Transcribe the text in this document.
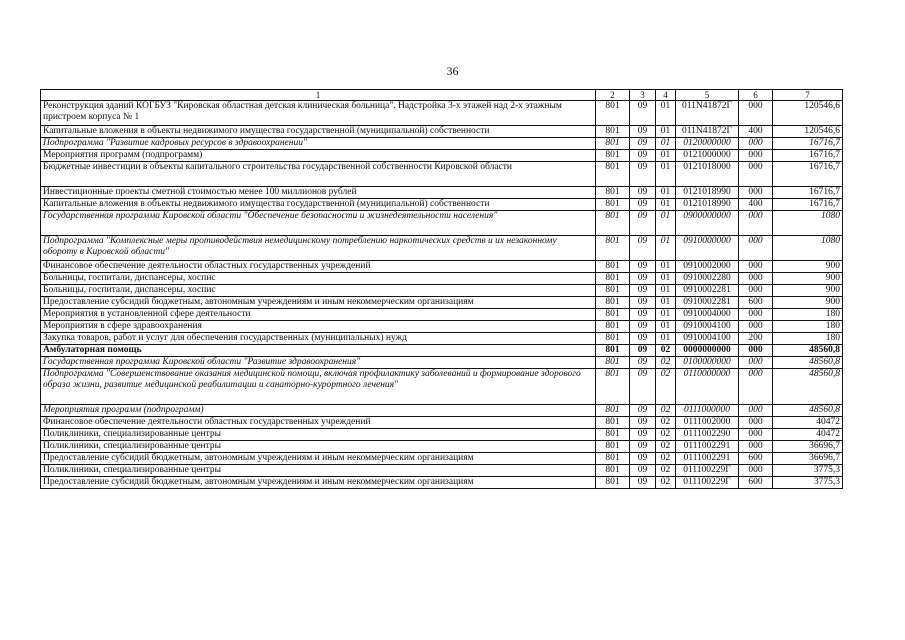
36
1	2	3	4	5	6	7
Реконструкция зданий КОГБУЗ "Кировская областная детская клиническая больница". Надстройка 3-х этажей над 2-х этажным пристроем корпуса № 1	801	09	01	011N41872Г	000	120546,6
Капитальные вложения в объекты недвижимого имущества государственной (муниципальной) собственности	801	09	01	011N41872Г	400	120546,6
Подпрограмма "Развитие кадровых ресурсов в здравоохранении"	801	09	01	0120000000	000	16716,7
Мероприятия программ (подпрограмм)	801	09	01	0121000000	000	16716,7
Бюджетные инвестиции в объекты капитального строительства государственной собственности Кировской области	801	09	01	0121018000	000	16716,7
Инвестиционные проекты сметной стоимостью менее 100 миллионов рублей	801	09	01	0121018990	000	16716,7
Капитальные вложения в объекты недвижимого имущества государственной (муниципальной) собственности	801	09	01	0121018990	400	16716,7
Государственная программа Кировской области "Обеспечение безопасности и жизнедеятельности населения"	801	09	01	0900000000	000	1080
Подпрограмма "Комплексные меры противодействия немедицинскому потреблению наркотических средств и их незаконному обороту в Кировской области"	801	09	01	0910000000	000	1080
Финансовое обеспечение деятельности областных государственных учреждений	801	09	01	0910002000	000	900
Больницы, госпитали, диспансеры, хоспис	801	09	01	0910002280	000	900
Больницы, госпитали, диспансеры, хоспис	801	09	01	0910002281	000	900
Предоставление субсидий бюджетным, автономным учреждениям и иным некоммерческим организациям	801	09	01	0910002281	600	900
Мероприятия в установленной сфере деятельности	801	09	01	0910004000	000	180
Мероприятия в сфере здравоохранения	801	09	01	0910004100	000	180
Закупка товаров, работ и услуг для обеспечения государственных (муниципальных) нужд	801	09	01	0910004100	200	180
Амбулаторная помощь	801	09	02	0000000000	000	48560,8
Государственная программа Кировской области "Развитие здравоохранения"	801	09	02	0100000000	000	48560,8
Подпрограмма "Совершенствование оказания медицинской помощи, включая профилактику заболеваний и формирование здорового образа жизни, развитие медицинской реабилитации и санаторно-курортного лечения"	801	09	02	0110000000	000	48560,8
Мероприятия программ (подпрограмм)	801	09	02	0111000000	000	48560,8
Финансовое обеспечение деятельности областных государственных учреждений	801	09	02	0111002000	000	40472
Поликлиники, специализированные центры	801	09	02	0111002290	000	40472
Поликлиники, специализированные центры	801	09	02	0111002291	000	36696,7
Предоставление субсидий бюджетным, автономным учреждениям и иным некоммерческим организациям	801	09	02	0111002291	600	36696,7
Поликлиники, специализированные центры	801	09	02	011100229Г	000	3775,3
Предоставление субсидий бюджетным, автономным учреждениям и иным некоммерческим организациям	801	09	02	011100229Г	600	3775,3
